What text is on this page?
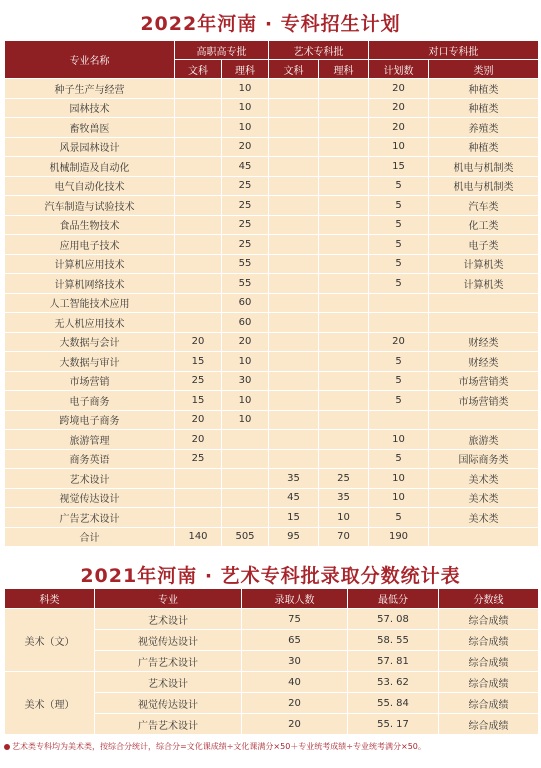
2022年河南 · 专科招生计划
专业名称	高职高专批		艺术专科批		对口专科批	
	文科	理科	文科	理科	计划数	类别
种子生产与经营		10			20	种植类
园林技术		10			20	种植类
畜牧兽医		10			20	养殖类
风景园林设计		20			10	种植类
机械制造及自动化		45			15	机电与机制类
电气自动化技术		25			5	机电与机制类
汽车制造与试验技术		25			5	汽车类
食品生物技术		25			5	化工类
应用电子技术		25			5	电子类
计算机应用技术		55			5	计算机类
计算机网络技术		55			5	计算机类
人工智能技术应用		60				
无人机应用技术		60				
大数据与会计	20	20			20	财经类
大数据与审计	15	10			5	财经类
市场营销	25	30			5	市场营销类
电子商务	15	10			5	市场营销类
跨境电子商务	20	10				
旅游管理	20				10	旅游类
商务英语	25				5	国际商务类
艺术设计			35	25	10	美术类
视觉传达设计			45	35	10	美术类
广告艺术设计			15	10	5	美术类
合计	140	505	95	70	190	
2021年河南 · 艺术专科批录取分数统计表
科类	专业	录取人数	最低分	分数线
美术（文）	艺术设计	75	57. 08	综合成绩
	视觉传达设计	65	58. 55	综合成绩
	广告艺术设计	30	57. 81	综合成绩
美术（理）	艺术设计	40	53. 62	综合成绩
	视觉传达设计	20	55. 84	综合成绩
	广告艺术设计	20	55. 17	综合成绩
艺术类专科均为美术类，按综合分统计，综合分=文化课成绩÷文化课满分×50＋专业统考成绩÷专业统考满分×50。
